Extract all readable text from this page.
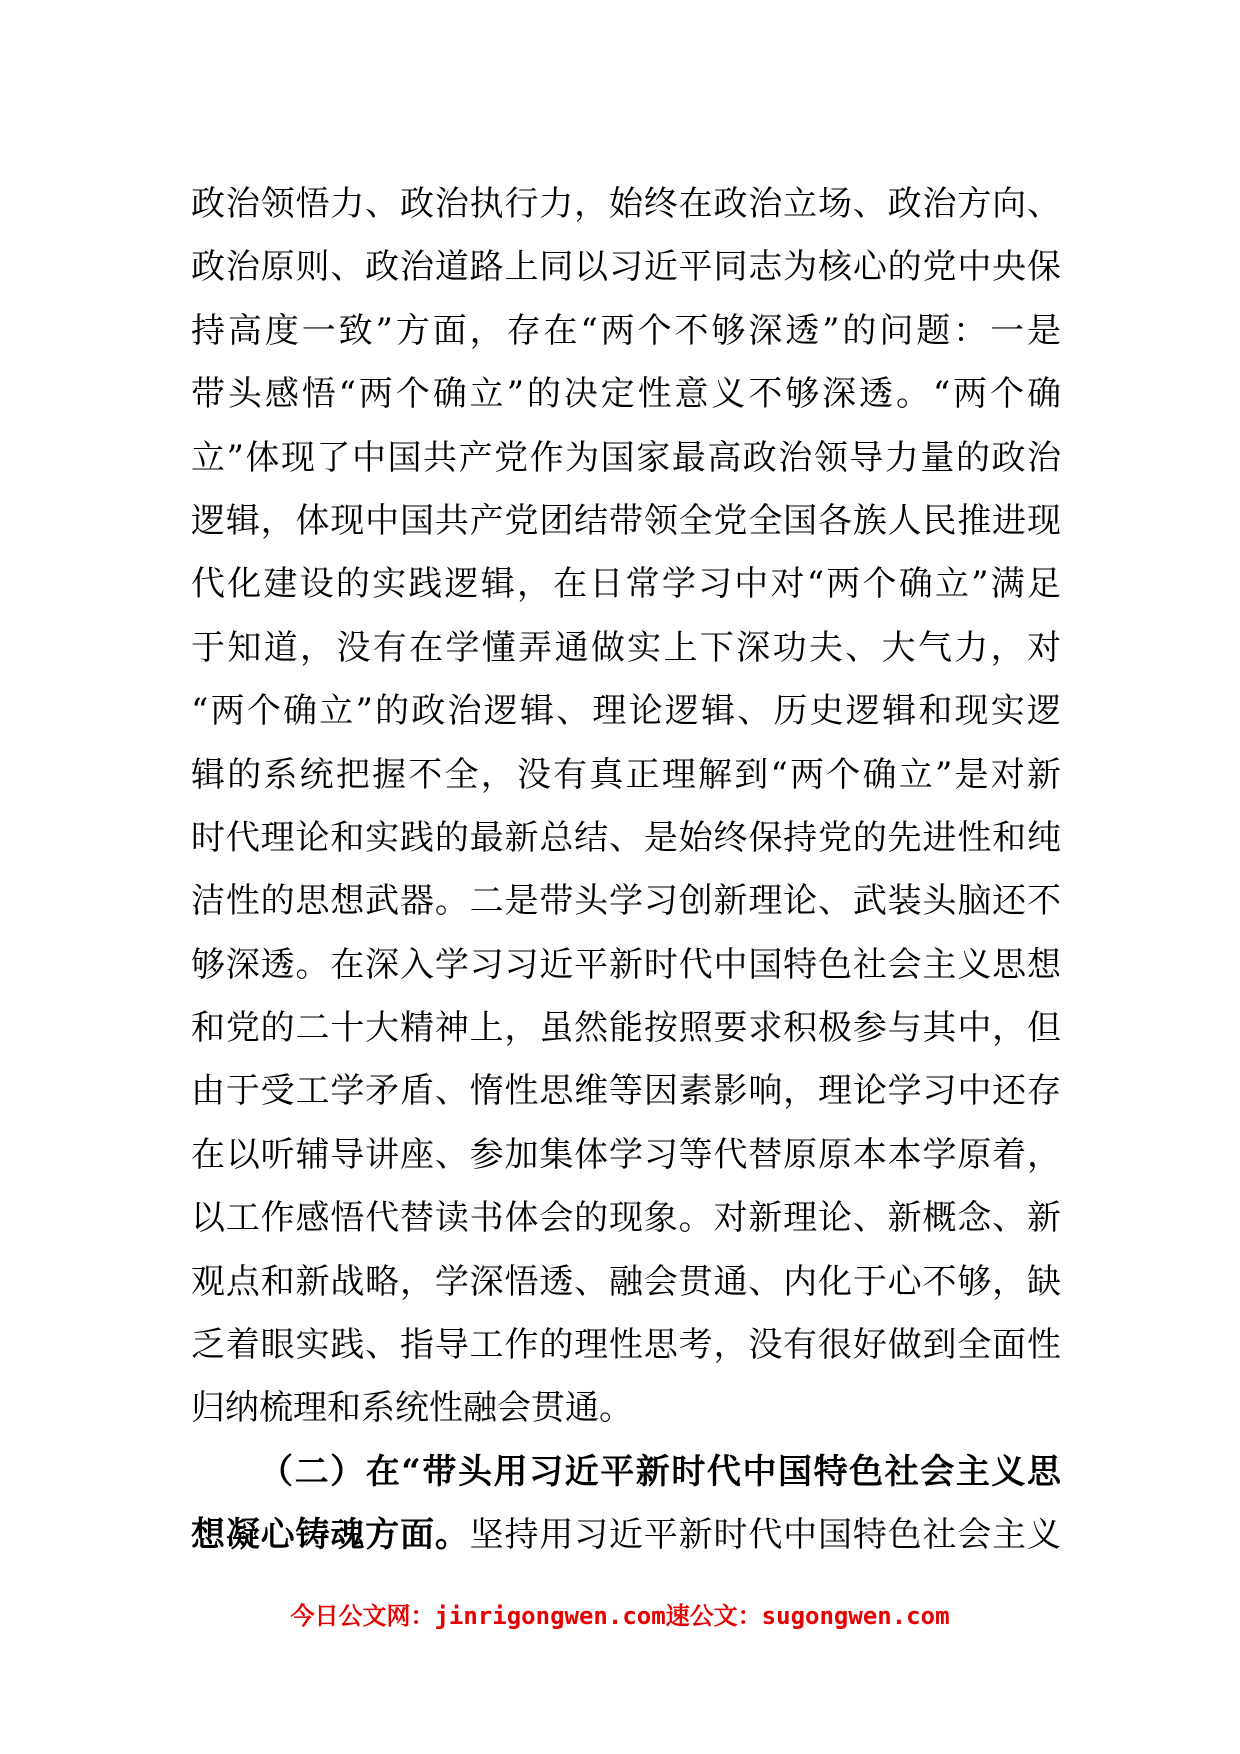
政治领悟力、政治执行力，始终在政治立场、政治方向、
政治原则、政治道路上同以习近平同志为核心的党中央保
持高度一致”方面，存在“两个不够深透”的问题：一是
带头感悟“两个确立”的决定性意义不够深透。“两个确
立”体现了中国共产党作为国家最高政治领导力量的政治
逻辑，体现中国共产党团结带领全党全国各族人民推进现
代化建设的实践逻辑，在日常学习中对“两个确立”满足
于知道，没有在学懂弄通做实上下深功夫、大气力，对
“两个确立”的政治逻辑、理论逻辑、历史逻辑和现实逻
辑的系统把握不全，没有真正理解到“两个确立”是对新
时代理论和实践的最新总结、是始终保持党的先进性和纯
洁性的思想武器。二是带头学习创新理论、武装头脑还不
够深透。在深入学习习近平新时代中国特色社会主义思想
和党的二十大精神上，虽然能按照要求积极参与其中，但
由于受工学矛盾、惰性思维等因素影响，理论学习中还存
在以听辅导讲座、参加集体学习等代替原原本本学原着，
以工作感悟代替读书体会的现象。对新理论、新概念、新
观点和新战略，学深悟透、融会贯通、内化于心不够，缺
乏着眼实践、指导工作的理性思考，没有很好做到全面性
归纳梳理和系统性融会贯通。
（二）在“带头用习近平新时代中国特色社会主义思
想凝心铸魂方面。坚持用习近平新时代中国特色社会主义
今日公文网：jinrigongwen.com速公文：sugongwen.com
